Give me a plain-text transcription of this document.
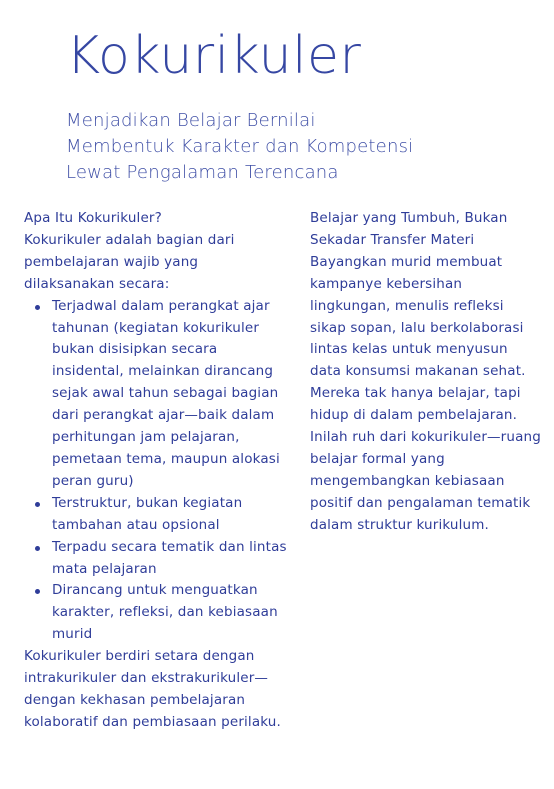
Kokurikuler
Menjadikan Belajar Bernilai
Membentuk Karakter dan Kompetensi
Lewat Pengalaman Terencana
Apa Itu Kokurikuler?
Kokurikuler adalah bagian dari
pembelajaran wajib yang
dilaksanakan secara:
Terjadwal dalam perangkat ajar
tahunan (kegiatan kokurikuler
bukan disisipkan secara
insidental, melainkan dirancang
sejak awal tahun sebagai bagian
dari perangkat ajar—baik dalam
perhitungan jam pelajaran,
pemetaan tema, maupun alokasi
peran guru)
Terstruktur, bukan kegiatan
tambahan atau opsional
Terpadu secara tematik dan lintas
mata pelajaran
Dirancang untuk menguatkan
karakter, refleksi, dan kebiasaan
murid
Kokurikuler berdiri setara dengan
intrakurikuler dan ekstrakurikuler—
dengan kekhasan pembelajaran
kolaboratif dan pembiasaan perilaku.
Belajar yang Tumbuh, Bukan
Sekadar Transfer Materi
Bayangkan murid membuat
kampanye kebersihan
lingkungan, menulis refleksi
sikap sopan, lalu berkolaborasi
lintas kelas untuk menyusun
data konsumsi makanan sehat.
Mereka tak hanya belajar, tapi
hidup di dalam pembelajaran.
Inilah ruh dari kokurikuler—ruang
belajar formal yang
mengembangkan kebiasaan
positif dan pengalaman tematik
dalam struktur kurikulum.
